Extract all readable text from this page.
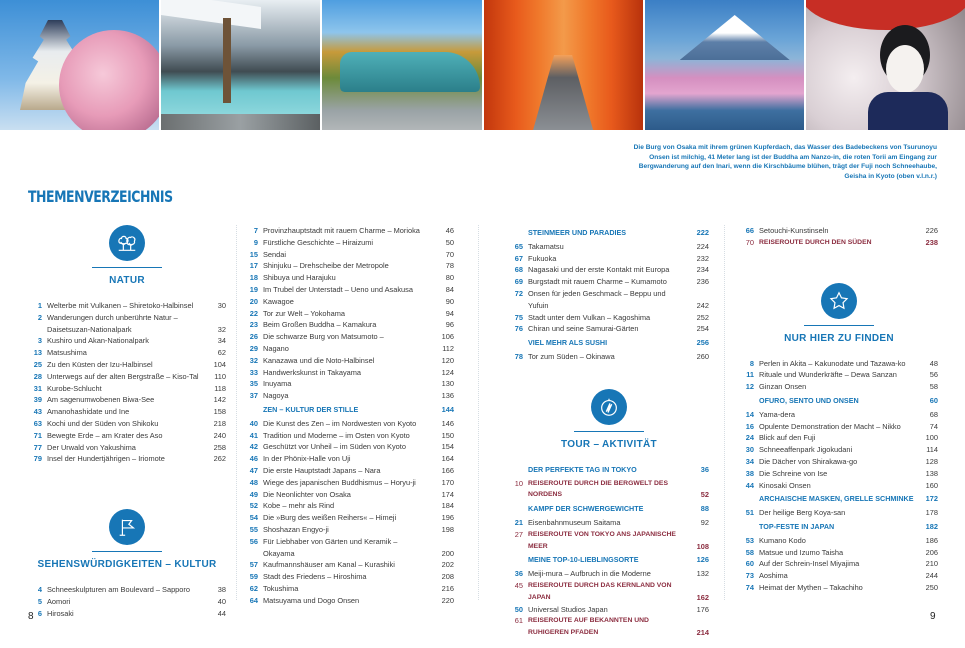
Die Burg von Osaka mit ihrem grünen Kupferdach, das Wasser des Badebeckens von Tsurunoyu Onsen ist milchig, 41 Meter lang ist der Buddha am Nanzo-in, die roten Torii am Eingang zur Bergwanderung auf den Inari, wenn die Kirschbäume blühen, trägt der Fuji noch Schneehaube, Geisha in Kyoto (oben v.l.n.r.)

THEMENVERZEICHNIS
NATUR
1 Welterbe mit Vulkanen – Shiretoko-Halbinsel	30
2 Wanderungen durch unberührte Natur – Daisetsuzan-Nationalpark	32
3 Kushiro und Akan-Nationalpark	34
13 Matsushima	62
25 Zu den Küsten der Izu-Halbinsel	104
28 Unterwegs auf der alten Bergstraße – Kiso-Tal	110
31 Kurobe-Schlucht	118
39 Am sagenumwobenen Biwa-See	142
43 Amanohashidate und Ine	158
63 Kochi und der Süden von Shikoku	218
71 Bewegte Erde – am Krater des Aso	240
77 Der Urwald von Yakushima	258
79 Insel der Hundertjährigen – Iriomote	262
SEHENSWÜRDIGKEITEN – KULTUR
4 Schneeskulpturen am Boulevard – Sapporo	38
5 Aomori	40
6 Hirosaki	44
7 Provinzhauptstadt mit rauem Charme – Morioka	46
9 Fürstliche Geschichte – Hiraizumi	50
15 Sendai	70
17 Shinjuku – Drehscheibe der Metropole	78
18 Shibuya und Harajuku	80
19 Im Trubel der Unterstadt – Ueno und Asakusa	84
20 Kawagoe	90
22 Tor zur Welt – Yokohama	94
23 Beim Großen Buddha – Kamakura	96
26 Die schwarze Burg von Matsumoto –	106
29 Nagano	112
32 Kanazawa und die Noto-Halbinsel	120
33 Handwerkskunst in Takayama	124
35 Inuyama	130
37 Nagoya	136
ZEN – KULTUR DER STILLE	144
40 Die Kunst des Zen – im Nordwesten von Kyoto	146
41 Tradition und Moderne – im Osten von Kyoto	150
42 Geschützt vor Unheil – im Süden von Kyoto	154
46 In der Phönix-Halle von Uji	164
47 Die erste Hauptstadt Japans – Nara	166
48 Wiege des japanischen Buddhismus – Horyu-ji	170
49 Die Neonlichter von Osaka	174
52 Kobe – mehr als Rind	184
54 Die »Burg des weißen Reihers« – Himeji	196
55 Shoshazan Engyo-ji	198
56 Für Liebhaber von Gärten und Keramik – Okayama	200
57 Kaufmannshäuser am Kanal – Kurashiki	202
59 Stadt des Friedens – Hiroshima	208
62 Tokushima	216
64 Matsuyama und Dogo Onsen	220
STEINMEER UND PARADIES	222
65 Takamatsu	224
67 Fukuoka	232
68 Nagasaki und der erste Kontakt mit Europa	234
69 Burgstadt mit rauem Charme – Kumamoto	236
72 Onsen für jeden Geschmack – Beppu und Yufuin	242
75 Stadt unter dem Vulkan – Kagoshima	252
76 Chiran und seine Samurai-Gärten	254
VIEL MEHR ALS SUSHI	256
78 Tor zum Süden – Okinawa	260
TOUR – AKTIVITÄT
DER PERFEKTE TAG IN TOKYO	36
10 REISEROUTE DURCH DIE BERGWELT DES NORDENS	52
KAMPF DER SCHWERGEWICHTE	88
21 Eisenbahnmuseum Saitama	92
27 REISEROUTE VON TOKYO ANS JAPANISCHE MEER	108
MEINE TOP-10-LIEBLINGSORTE	126
36 Meiji-mura – Aufbruch in die Moderne	132
45 REISEROUTE DURCH DAS KERNLAND VON JAPAN	162
50 Universal Studios Japan	176
61 REISEROUTE AUF BEKANNTEN UND RUHIGEREN PFADEN	214
66 Setouchi-Kunstinseln	226
70 REISEROUTE DURCH DEN SÜDEN	238
NUR HIER ZU FINDEN
8 Perlen in Akita – Kakunodate und Tazawa-ko	48
11 Rituale und Wunderkräfte – Dewa Sanzan	56
12 Ginzan Onsen	58
OFURO, SENTO UND ONSEN	60
14 Yama-dera	68
16 Opulente Demonstration der Macht – Nikko	74
24 Blick auf den Fuji	100
30 Schneeaffenpark Jigokudani	114
34 Die Dächer von Shirakawa-go	128
38 Die Schreine von Ise	138
44 Kinosaki Onsen	160
ARCHAISCHE MASKEN, GRELLE SCHMINKE	172
51 Der heilige Berg Koya-san	178
TOP-FESTE IN JAPAN	182
53 Kumano Kodo	186
58 Matsue und Izumo Taisha	206
60 Auf der Schrein-Insel Miyajima	210
73 Aoshima	244
74 Heimat der Mythen – Takachiho	250
8	9
